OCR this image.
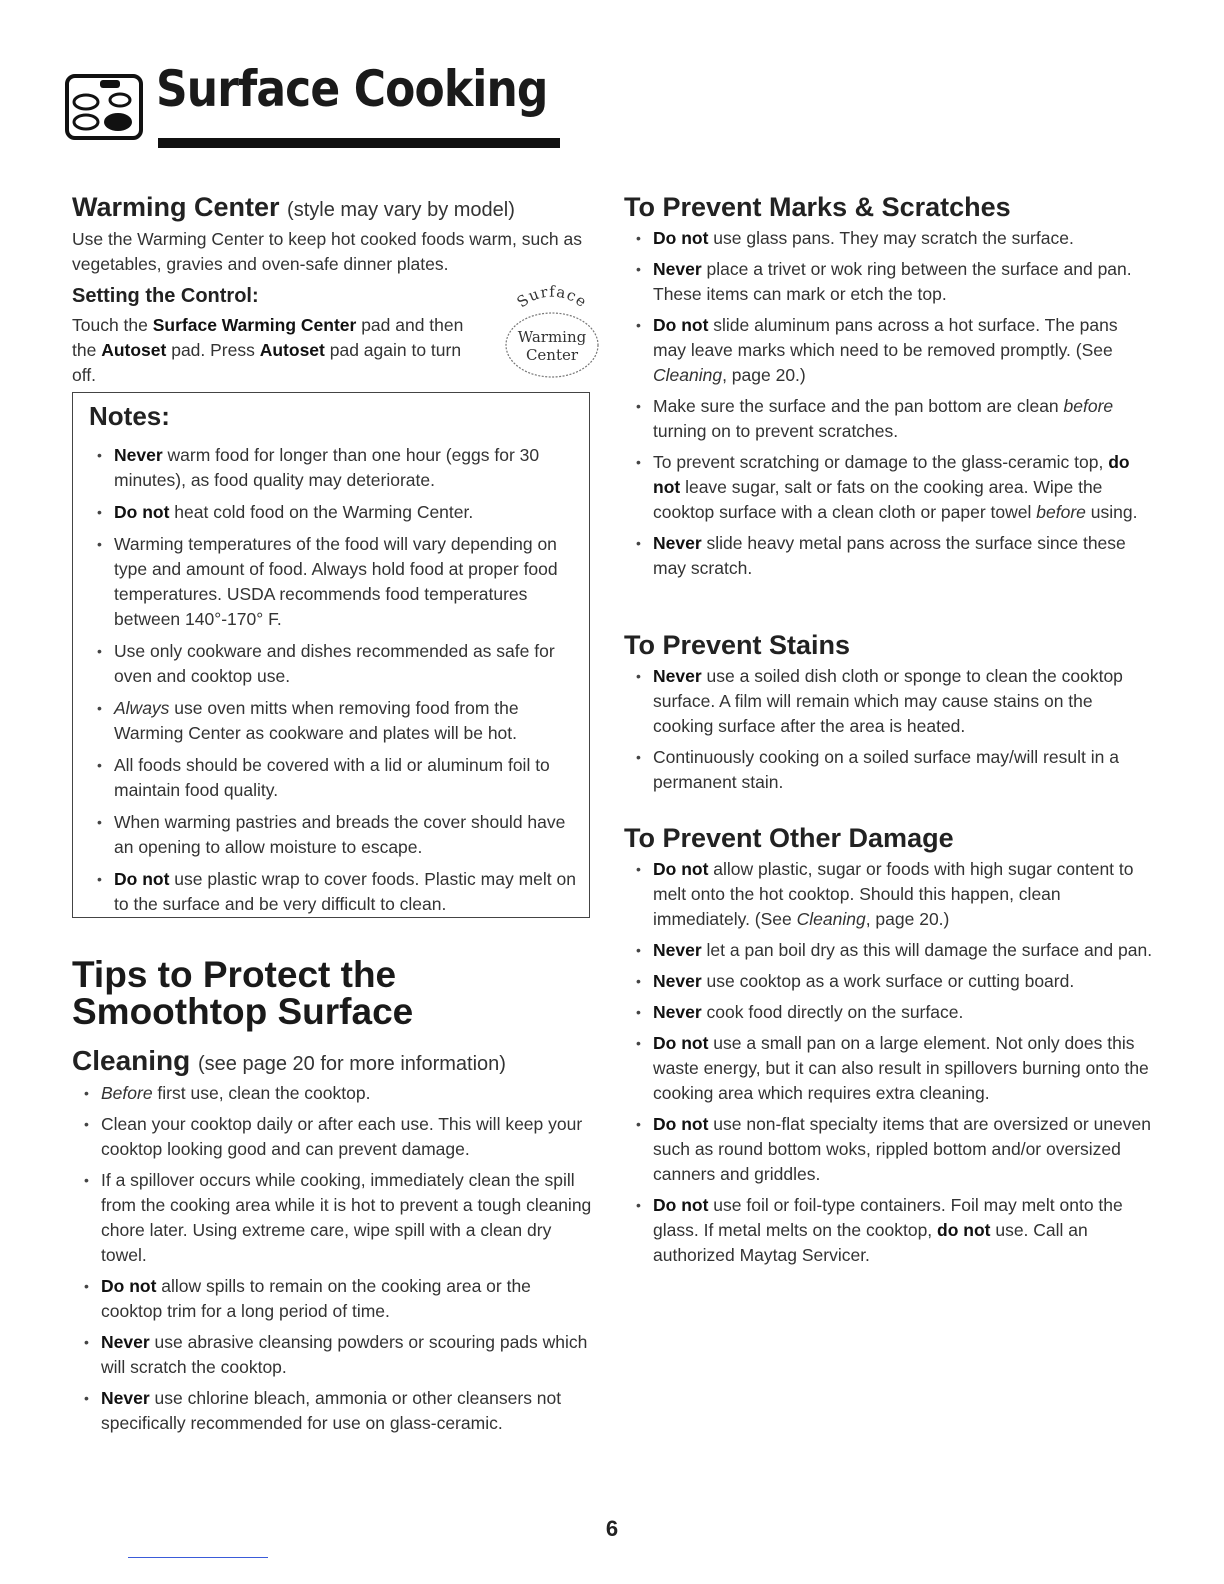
Surface Cooking
Warming Center (style may vary by model)
Use the Warming Center to keep hot cooked foods warm, such as vegetables, gravies and oven-safe dinner plates.
Setting the Control:
Touch the Surface Warming Center pad and then the Autoset pad. Press Autoset pad again to turn off.
Surface
Warming
Center
Notes:
• Never warm food for longer than one hour (eggs for 30 minutes), as food quality may deteriorate.
• Do not heat cold food on the Warming Center.
• Warming temperatures of the food will vary depending on type and amount of food. Always hold food at proper food temperatures. USDA recommends food temperatures between 140°-170° F.
• Use only cookware and dishes recommended as safe for oven and cooktop use.
• Always use oven mitts when removing food from the Warming Center as cookware and plates will be hot.
• All foods should be covered with a lid or aluminum foil to maintain food quality.
• When warming pastries and breads the cover should have an opening to allow moisture to escape.
• Do not use plastic wrap to cover foods. Plastic may melt on to the surface and be very difficult to clean.
Tips to Protect the
Smoothtop Surface
Cleaning (see page 20 for more information)
• Before first use, clean the cooktop.
• Clean your cooktop daily or after each use. This will keep your cooktop looking good and can prevent damage.
• If a spillover occurs while cooking, immediately clean the spill from the cooking area while it is hot to prevent a tough cleaning chore later. Using extreme care, wipe spill with a clean dry towel.
• Do not allow spills to remain on the cooking area or the cooktop trim for a long period of time.
• Never use abrasive cleansing powders or scouring pads which will scratch the cooktop.
• Never use chlorine bleach, ammonia or other cleansers not specifically recommended for use on glass-ceramic.
To Prevent Marks & Scratches
• Do not use glass pans. They may scratch the surface.
• Never place a trivet or wok ring between the surface and pan. These items can mark or etch the top.
• Do not slide aluminum pans across a hot surface. The pans may leave marks which need to be removed promptly. (See Cleaning, page 20.)
• Make sure the surface and the pan bottom are clean before turning on to prevent scratches.
• To prevent scratching or damage to the glass-ceramic top, do not leave sugar, salt or fats on the cooking area. Wipe the cooktop surface with a clean cloth or paper towel before using.
• Never slide heavy metal pans across the surface since these may scratch.
To Prevent Stains
• Never use a soiled dish cloth or sponge to clean the cooktop surface. A film will remain which may cause stains on the cooking surface after the area is heated.
• Continuously cooking on a soiled surface may/will result in a permanent stain.
To Prevent Other Damage
• Do not allow plastic, sugar or foods with high sugar content to melt onto the hot cooktop. Should this happen, clean immediately. (See Cleaning, page 20.)
• Never let a pan boil dry as this will damage the surface and pan.
• Never use cooktop as a work surface or cutting board.
• Never cook food directly on the surface.
• Do not use a small pan on a large element. Not only does this waste energy, but it can also result in spillovers burning onto the cooking area which requires extra cleaning.
• Do not use non-flat specialty items that are oversized or uneven such as round bottom woks, rippled bottom and/or oversized canners and griddles.
• Do not use foil or foil-type containers. Foil may melt onto the glass. If metal melts on the cooktop, do not use. Call an authorized Maytag Servicer.
6
